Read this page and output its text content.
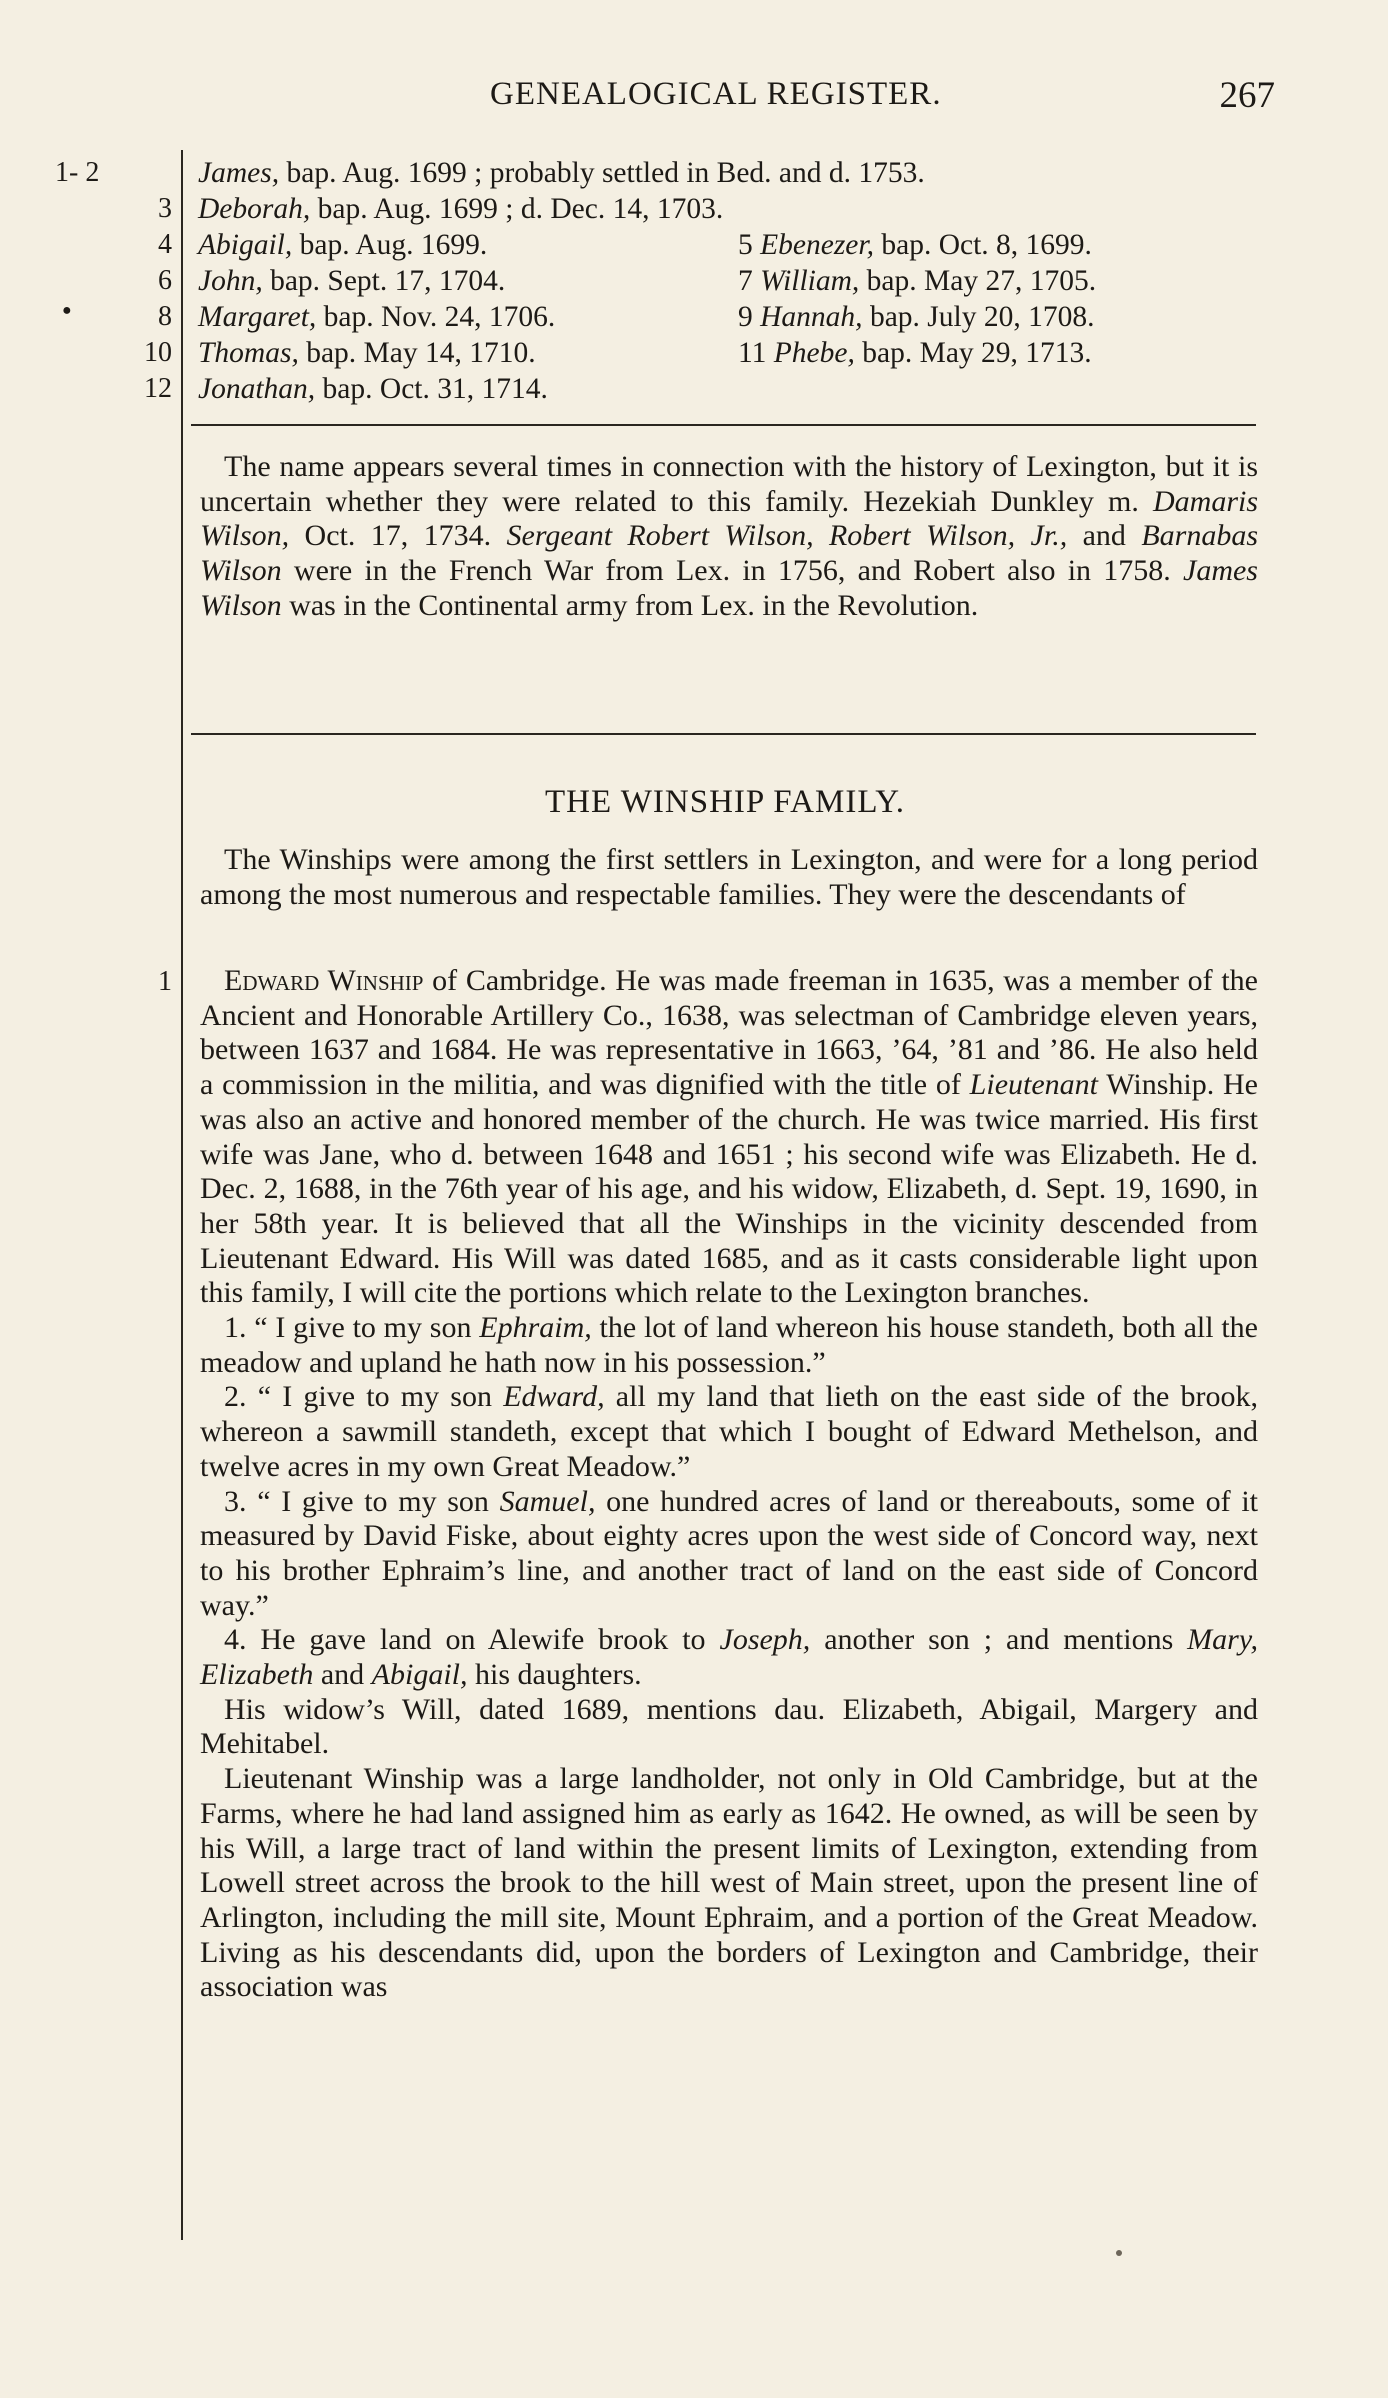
GENEALOGICAL REGISTER.	267
1- 2
3
4
6
8
10
12
●
James, bap. Aug. 1699 ; probably settled in Bed. and d. 1753.
Deborah, bap. Aug. 1699 ; d. Dec. 14, 1703.
Abigail, bap. Aug. 1699.
John, bap. Sept. 17, 1704.
Margaret, bap. Nov. 24, 1706.
Thomas, bap. May 14, 1710.
Jonathan, bap. Oct. 31, 1714.
5 Ebenezer, bap. Oct. 8, 1699.
7 William, bap. May 27, 1705.
9 Hannah, bap. July 20, 1708.
11 Phebe, bap. May 29, 1713.
The name appears several times in connection with the history of Lexington, but it is uncertain whether they were related to this family. Hezekiah Dunkley m. Damaris Wilson, Oct. 17, 1734. Sergeant Robert Wilson, Robert Wilson, Jr., and Barnabas Wilson were in the French War from Lex. in 1756, and Robert also in 1758. James Wilson was in the Continental army from Lex. in the Revolution.
THE WINSHIP FAMILY.
The Winships were among the first settlers in Lexington, and were for a long period among the most numerous and respectable families. They were the descendants of
1	Edward Winship of Cambridge. He was made freeman in 1635, was a member of the Ancient and Honorable Artillery Co., 1638, was selectman of Cambridge eleven years, between 1637 and 1684. He was representative in 1663, ’64, ’81 and ’86. He also held a commission in the militia, and was dignified with the title of Lieutenant Winship. He was also an active and honored member of the church. He was twice married. His first wife was Jane, who d. between 1648 and 1651 ; his second wife was Elizabeth. He d. Dec. 2, 1688, in the 76th year of his age, and his widow, Elizabeth, d. Sept. 19, 1690, in her 58th year. It is believed that all the Winships in the vicinity descended from Lieutenant Edward. His Will was dated 1685, and as it casts considerable light upon this family, I will cite the portions which relate to the Lexington branches.
1. “ I give to my son Ephraim, the lot of land whereon his house standeth, both all the meadow and upland he hath now in his possession.”
2. “ I give to my son Edward, all my land that lieth on the east side of the brook, whereon a sawmill standeth, except that which I bought of Edward Methelson, and twelve acres in my own Great Meadow.”
3. “ I give to my son Samuel, one hundred acres of land or thereabouts, some of it measured by David Fiske, about eighty acres upon the west side of Concord way, next to his brother Ephraim’s line, and another tract of land on the east side of Concord way.”
4. He gave land on Alewife brook to Joseph, another son ; and mentions Mary, Elizabeth and Abigail, his daughters.
His widow’s Will, dated 1689, mentions dau. Elizabeth, Abigail, Margery and Mehitabel.
Lieutenant Winship was a large landholder, not only in Old Cambridge, but at the Farms, where he had land assigned him as early as 1642. He owned, as will be seen by his Will, a large tract of land within the present limits of Lexington, extending from Lowell street across the brook to the hill west of Main street, upon the present line of Arlington, including the mill site, Mount Ephraim, and a portion of the Great Meadow. Living as his descendants did, upon the borders of Lexington and Cambridge, their association was
